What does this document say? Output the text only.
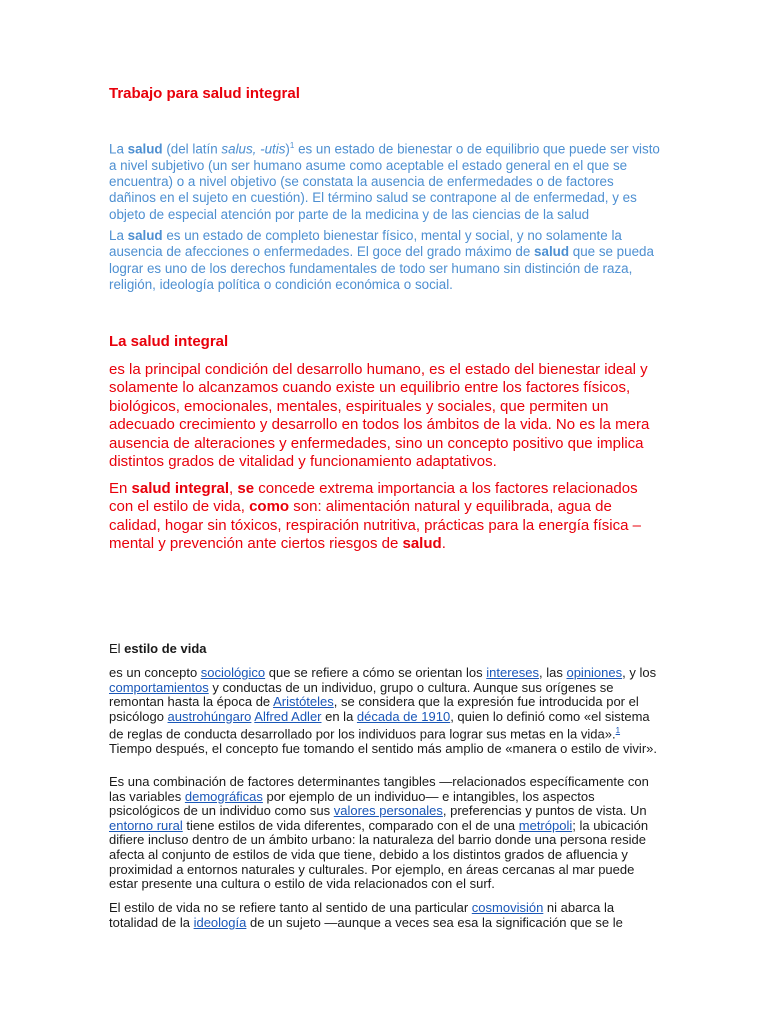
Trabajo para salud integral

La salud (del latín salus, -utis)$^1$ es un estado de bienestar o de equilibrio que puede ser visto a nivel subjetivo (un ser humano asume como aceptable el estado general en el que se encuentra) o a nivel objetivo (se constata la ausencia de enfermedades o de factores dañinos en el sujeto en cuestión). El término salud se contrapone al de enfermedad, y es objeto de especial atención por parte de la medicina y de las ciencias de la salud

La salud es un estado de completo bienestar físico, mental y social, y no solamente la ausencia de afecciones o enfermedades. El goce del grado máximo de salud que se pueda lograr es uno de los derechos fundamentales de todo ser humano sin distinción de raza, religión, ideología política o condición económica o social.

La salud integral

es la principal condición del desarrollo humano, es el estado del bienestar ideal y solamente lo alcanzamos cuando existe un equilibrio entre los factores físicos, biológicos, emocionales, mentales, espirituales y sociales, que permiten un adecuado crecimiento y desarrollo en todos los ámbitos de la vida. No es la mera ausencia de alteraciones y enfermedades, sino un concepto positivo que implica distintos grados de vitalidad y funcionamiento adaptativos.

En salud integral, se concede extrema importancia a los factores relacionados con el estilo de vida, como son: alimentación natural y equilibrada, agua de calidad, hogar sin tóxicos, respiración nutritiva, prácticas para la energía física – mental y prevención ante ciertos riesgos de salud.

El estilo de vida

es un concepto sociológico que se refiere a cómo se orientan los intereses, las opiniones, y los comportamientos y conductas de un individuo, grupo o cultura. Aunque sus orígenes se remontan hasta la época de Aristóteles, se considera que la expresión fue introducida por el psicólogo austrohúngaro Alfred Adler en la década de 1910, quien lo definió como «el sistema de reglas de conducta desarrollado por los individuos para lograr sus metas en la vida».$^1$ Tiempo después, el concepto fue tomando el sentido más amplio de «manera o estilo de vivir».

Es una combinación de factores determinantes tangibles —relacionados específicamente con las variables demográficas por ejemplo de un individuo— e intangibles, los aspectos psicológicos de un individuo como sus valores personales, preferencias y puntos de vista. Un entorno rural tiene estilos de vida diferentes, comparado con el de una metrópoli; la ubicación difiere incluso dentro de un ámbito urbano: la naturaleza del barrio donde una persona reside afecta al conjunto de estilos de vida que tiene, debido a los distintos grados de afluencia y proximidad a entornos naturales y culturales. Por ejemplo, en áreas cercanas al mar puede estar presente una cultura o estilo de vida relacionados con el surf.

El estilo de vida no se refiere tanto al sentido de una particular cosmovisión ni abarca la totalidad de la ideología de un sujeto —aunque a veces sea esa la significación que se le
